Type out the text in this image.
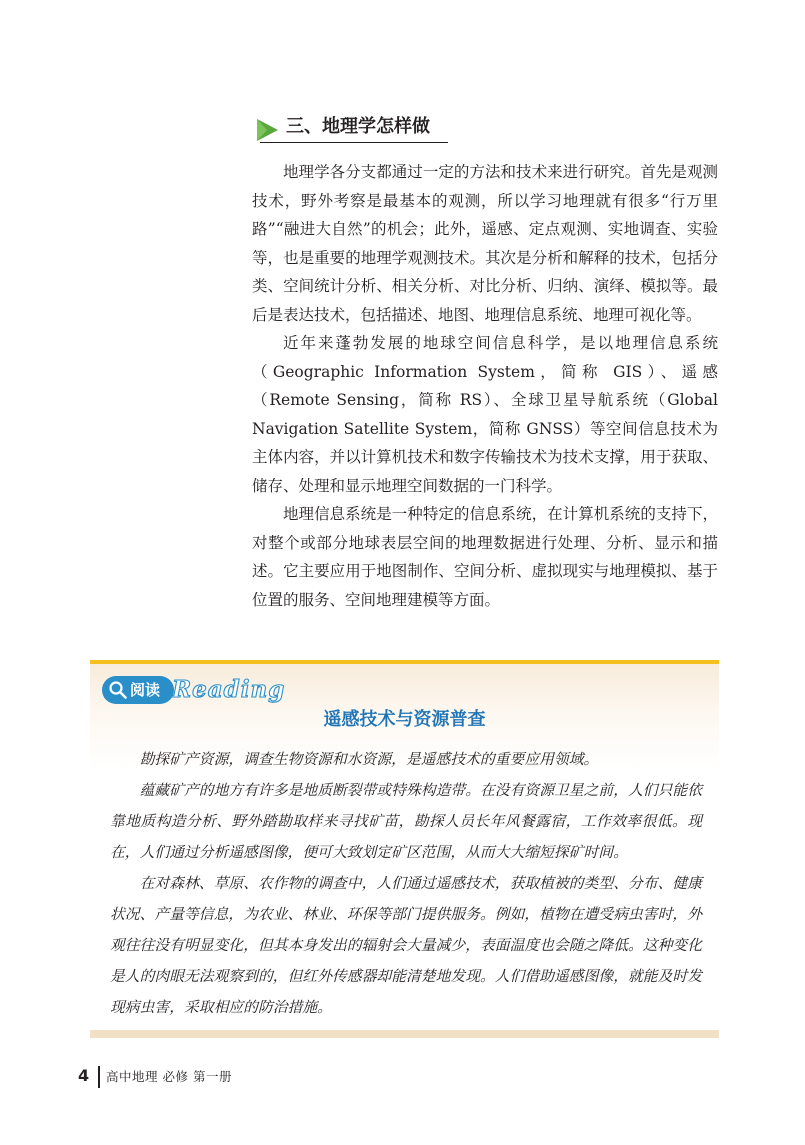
三、地理学怎样做

地理学各分支都通过一定的方法和技术来进行研究。首先是观测技术，野外考察是最基本的观测，所以学习地理就有很多“行万里路”“融进大自然”的机会；此外，遥感、定点观测、实地调查、实验等，也是重要的地理学观测技术。其次是分析和解释的技术，包括分类、空间统计分析、相关分析、对比分析、归纳、演绎、模拟等。最后是表达技术，包括描述、地图、地理信息系统、地理可视化等。

近年来蓬勃发展的地球空间信息科学，是以地理信息系统（Geographic Information System，简称 GIS）、遥感（Remote Sensing，简称 RS）、全球卫星导航系统（Global Navigation Satellite System，简称 GNSS）等空间信息技术为主体内容，并以计算机技术和数字传输技术为技术支撑，用于获取、储存、处理和显示地理空间数据的一门科学。

地理信息系统是一种特定的信息系统，在计算机系统的支持下，对整个或部分地球表层空间的地理数据进行处理、分析、显示和描述。它主要应用于地图制作、空间分析、虚拟现实与地理模拟、基于位置的服务、空间地理建模等方面。

阅读 Reading
遥感技术与资源普查

勘探矿产资源，调查生物资源和水资源，是遥感技术的重要应用领域。

蕴藏矿产的地方有许多是地质断裂带或特殊构造带。在没有资源卫星之前，人们只能依靠地质构造分析、野外踏勘取样来寻找矿苗，勘探人员长年风餐露宿，工作效率很低。现在，人们通过分析遥感图像，便可大致划定矿区范围，从而大大缩短探矿时间。

在对森林、草原、农作物的调查中，人们通过遥感技术，获取植被的类型、分布、健康状况、产量等信息，为农业、林业、环保等部门提供服务。例如，植物在遭受病虫害时，外观往往没有明显变化，但其本身发出的辐射会大量减少，表面温度也会随之降低。这种变化是人的肉眼无法观察到的，但红外传感器却能清楚地发现。人们借助遥感图像，就能及时发现病虫害，采取相应的防治措施。

4 高中地理 必修 第一册
